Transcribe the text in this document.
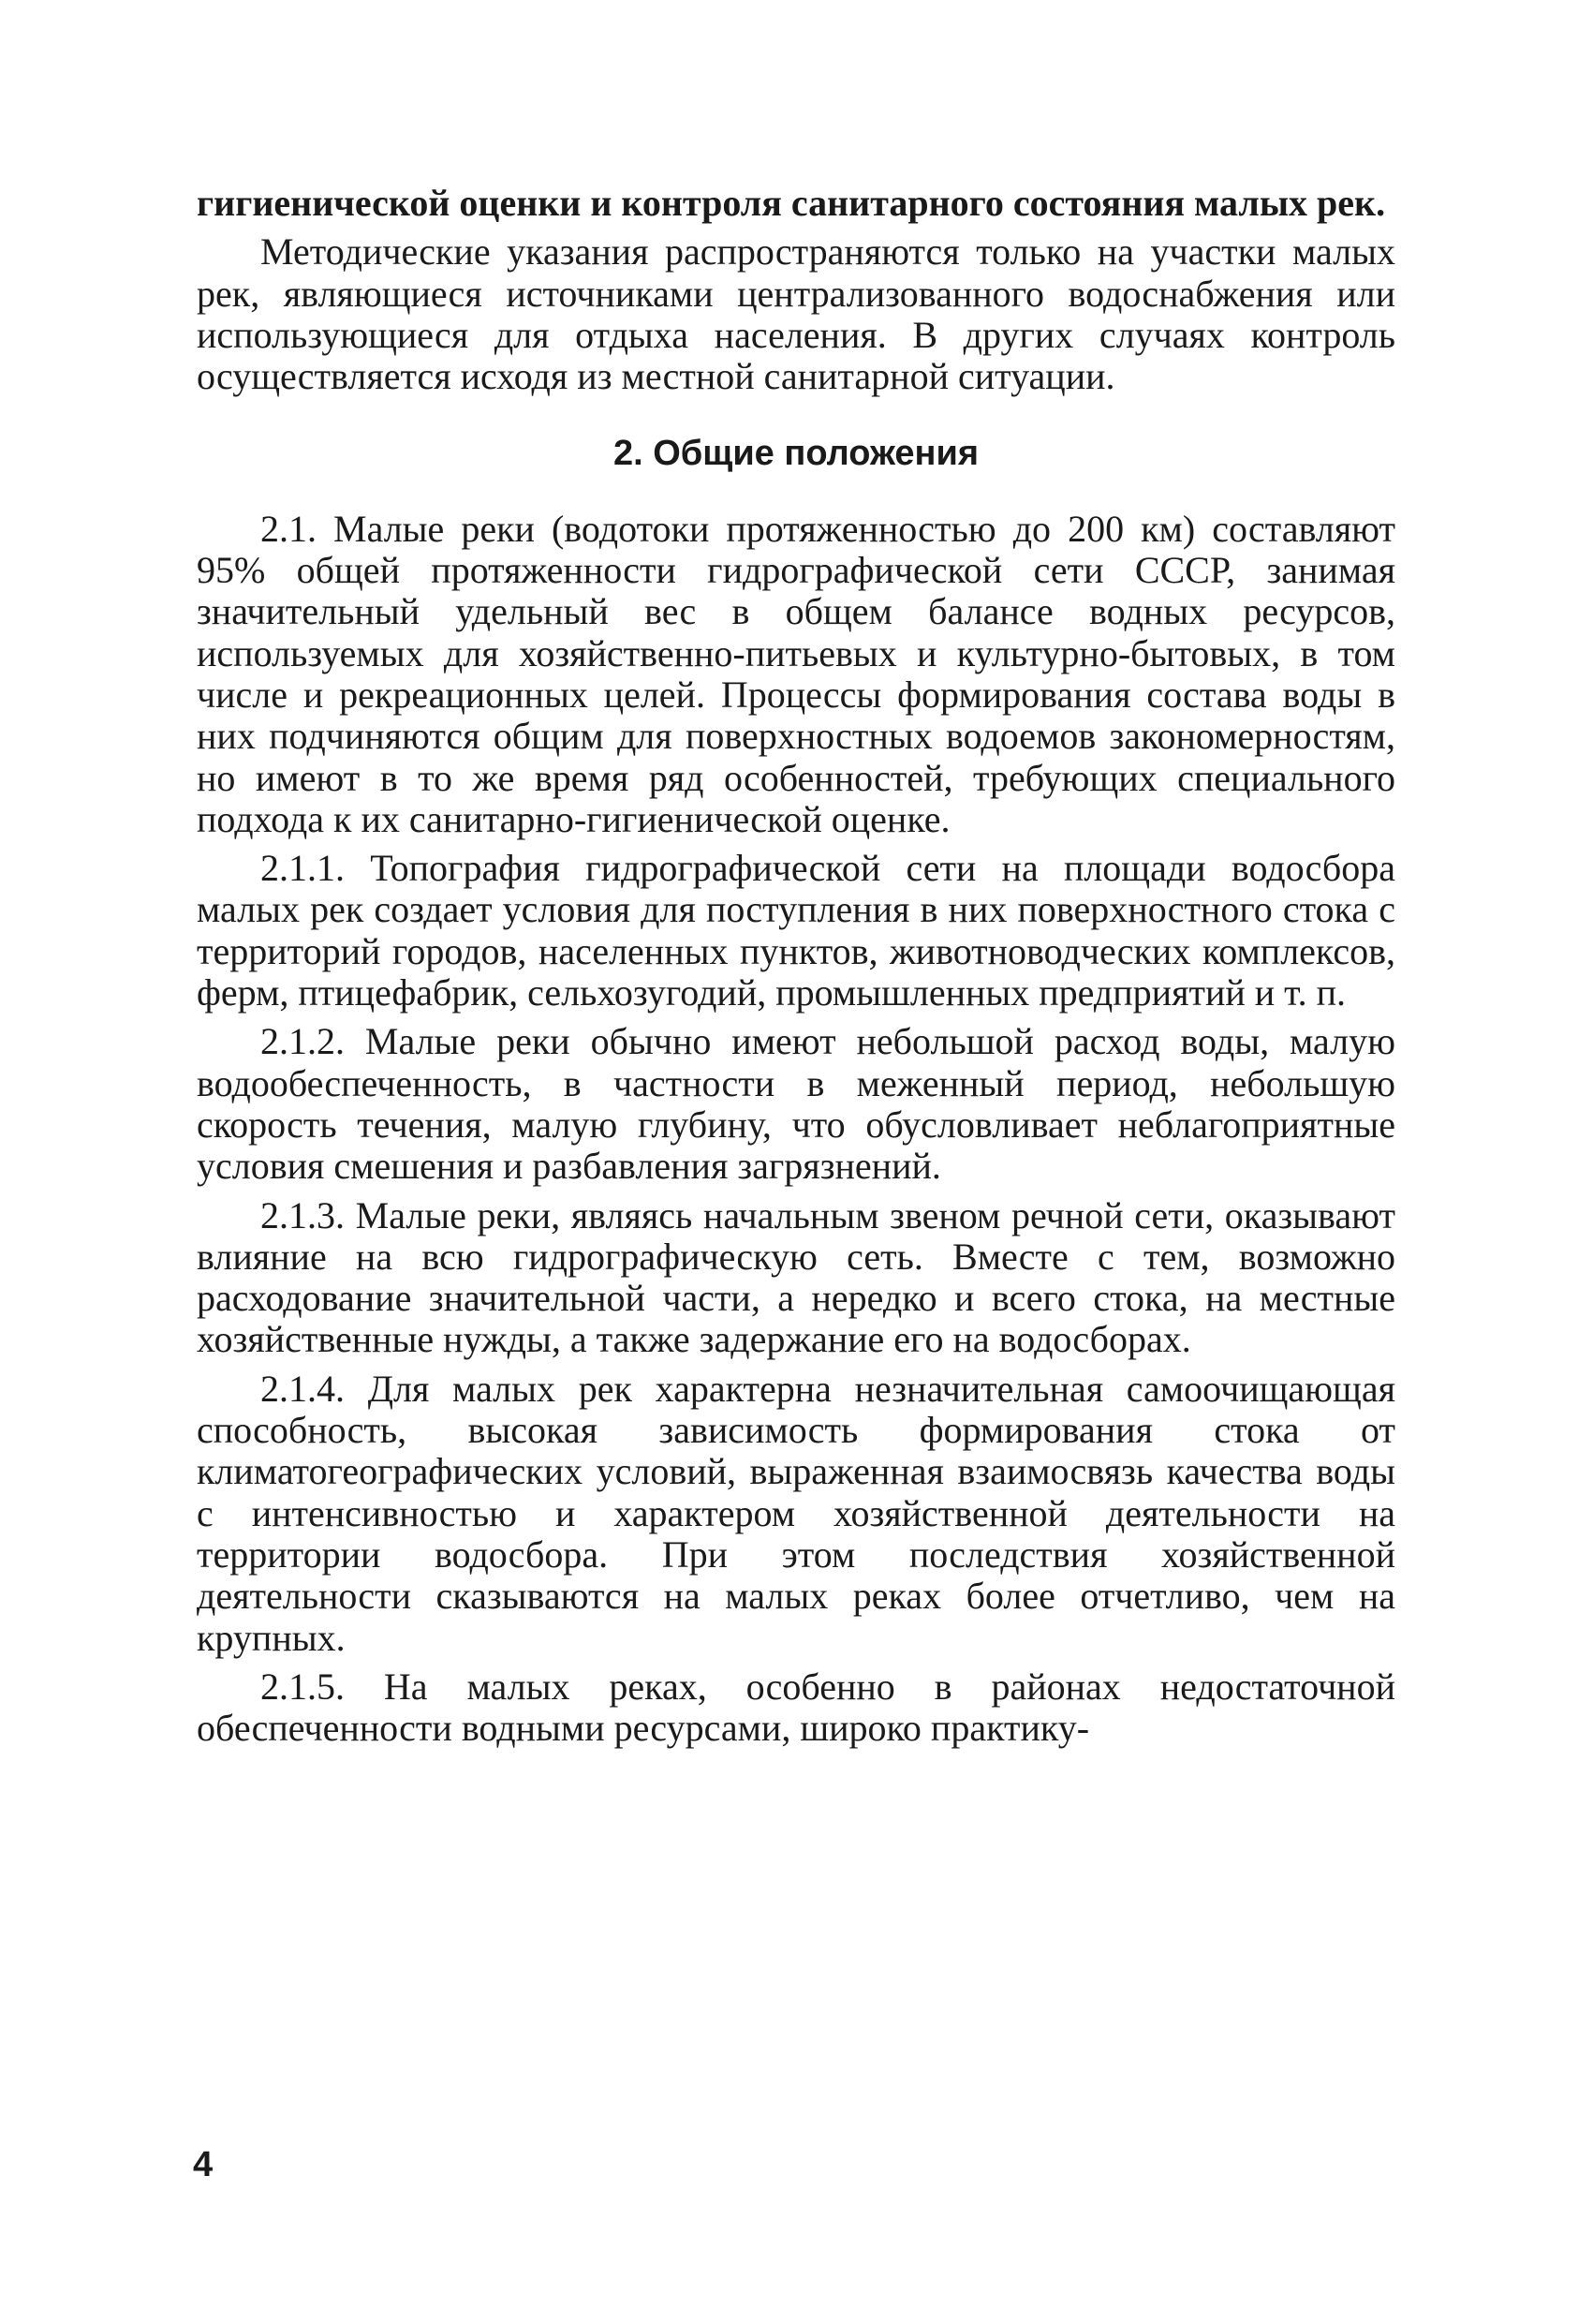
гигиенической оценки и контроля санитарного состояния малых рек.

Методические указания распространяются только на участки малых рек, являющиеся источниками централизованного водоснабжения или использующиеся для отдыха населения. В других случаях контроль осуществляется исходя из местной санитарной ситуации.

2. Общие положения

2.1. Малые реки (водотоки протяженностью до 200 км) составляют 95% общей протяженности гидрографической сети СССР, занимая значительный удельный вес в общем балансе водных ресурсов, используемых для хозяйственно-питьевых и культурно-бытовых, в том числе и рекреационных целей. Процессы формирования состава воды в них подчиняются общим для поверхностных водоемов закономерностям, но имеют в то же время ряд особенностей, требующих специального подхода к их санитарно-гигиенической оценке.

2.1.1. Топография гидрографической сети на площади водосбора малых рек создает условия для поступления в них поверхностного стока с территорий городов, населенных пунктов, животноводческих комплексов, ферм, птицефабрик, сельхозугодий, промышленных предприятий и т. п.

2.1.2. Малые реки обычно имеют небольшой расход воды, малую водообеспеченность, в частности в меженный период, небольшую скорость течения, малую глубину, что обусловливает неблагоприятные условия смешения и разбавления загрязнений.

2.1.3. Малые реки, являясь начальным звеном речной сети, оказывают влияние на всю гидрографическую сеть. Вместе с тем, возможно расходование значительной части, а нередко и всего стока, на местные хозяйственные нужды, а также задержание его на водосборах.

2.1.4. Для малых рек характерна незначительная самоочищающая способность, высокая зависимость формирования стока от климатогеографических условий, выраженная взаимосвязь качества воды с интенсивностью и характером хозяйственной деятельности на территории водосбора. При этом последствия хозяйственной деятельности сказываются на малых реках более отчетливо, чем на крупных.

2.1.5. На малых реках, особенно в районах недостаточной обеспеченности водными ресурсами, широко практику-

4
